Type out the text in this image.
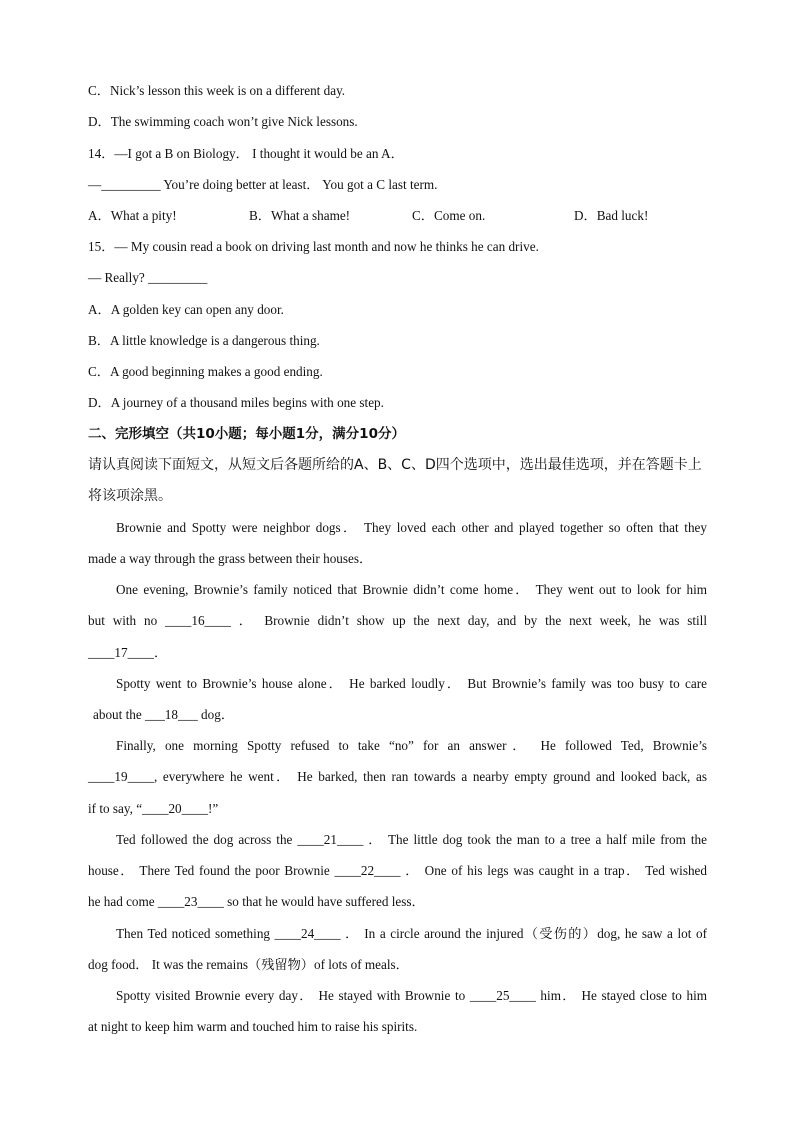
C．Nick’s lesson this week is on a different day.
D．The swimming coach won’t give Nick lessons.
14．—I got a B on Biology． I thought it would be an A．
—_________ You’re doing better at least． You got a C last term.
A．What a pity!	B．What a shame!	C．Come on.	D．Bad luck!
15．— My cousin read a book on driving last month and now he thinks he can drive.
— Really? _________
A．A golden key can open any door.
B．A little knowledge is a dangerous thing.
C．A good beginning makes a good ending.
D．A journey of a thousand miles begins with one step.
二、完形填空（共10小题；每小题1分，满分10分）
请认真阅读下面短文，从短文后各题所给的A、B、C、D四个选项中，选出最佳选项，并在答题卡上
将该项涂黑。
Brownie and Spotty were neighbor dogs． They loved each other and played together so often that they
made a way through the grass between their houses．
One evening, Brownie’s family noticed that Brownie didn’t come home． They went out to look for him
but with no ____16____ ． Brownie didn’t show up the next day, and by the next week, he was still
____17____．
Spotty went to Brownie’s house alone． He barked loudly． But Brownie’s family was too busy to care
about the ___18___ dog．
Finally, one morning Spotty refused to take “no” for an answer． He followed Ted, Brownie’s
____19____, everywhere he went． He barked, then ran towards a nearby empty ground and looked back, as
if to say, “____20____!”
Ted followed the dog across the ____21____ ． The little dog took the man to a tree a half mile from the
house． There Ted found the poor Brownie ____22____ ． One of his legs was caught in a trap． Ted wished
he had come ____23____ so that he would have suffered less．
Then Ted noticed something ____24____ ． In a circle around the injured（受伤的）dog, he saw a lot of
dog food． It was the remains（残留物）of lots of meals．
Spotty visited Brownie every day． He stayed with Brownie to ____25____ him． He stayed close to him
at night to keep him warm and touched him to raise his spirits.
